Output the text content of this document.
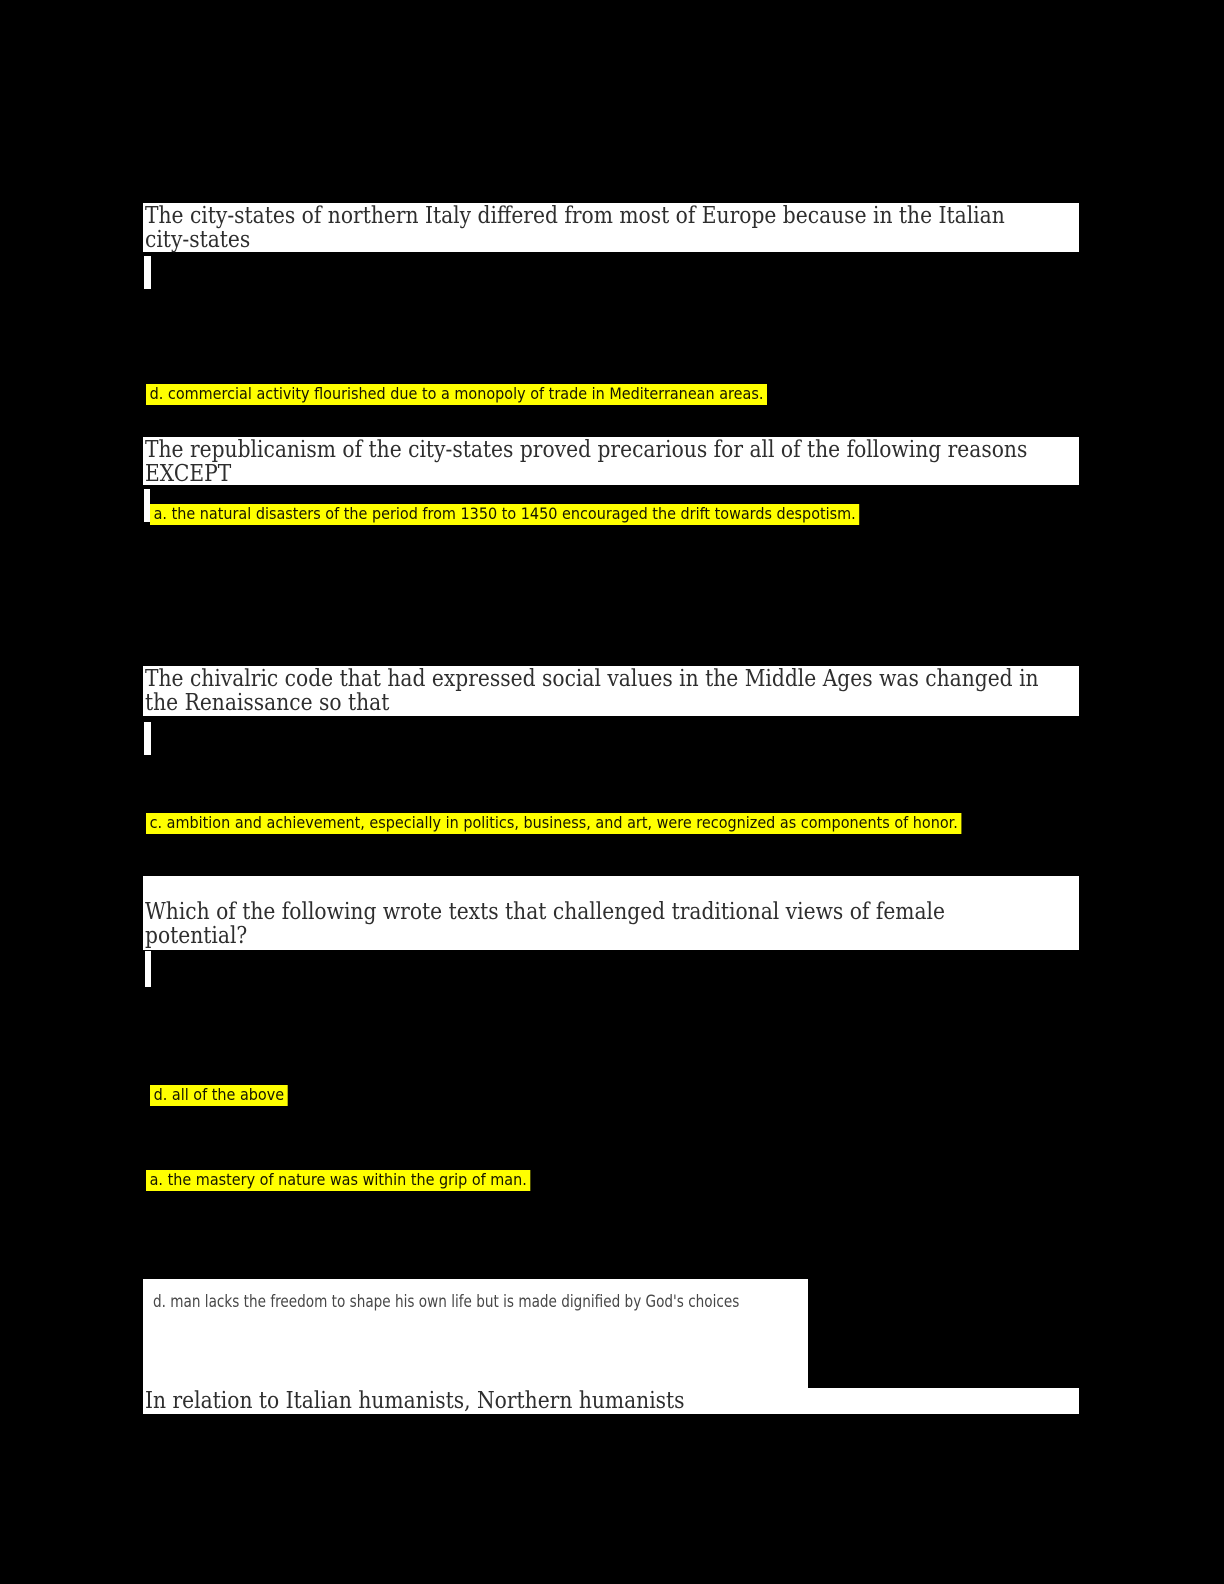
The city-states of northern Italy differed from most of Europe because in the Italian
city-states
d. commercial activity flourished due to a monopoly of trade in Mediterranean areas.
The republicanism of the city-states proved precarious for all of the following reasons
EXCEPT
a. the natural disasters of the period from 1350 to 1450 encouraged the drift towards despotism.
The chivalric code that had expressed social values in the Middle Ages was changed in
the Renaissance so that
c. ambition and achievement, especially in politics, business, and art, were recognized as components of honor.
Which of the following wrote texts that challenged traditional views of female
potential?
d. all of the above
a. the mastery of nature was within the grip of man.
d. man lacks the freedom to shape his own life but is made dignified by God's choices
In relation to Italian humanists, Northern humanists
